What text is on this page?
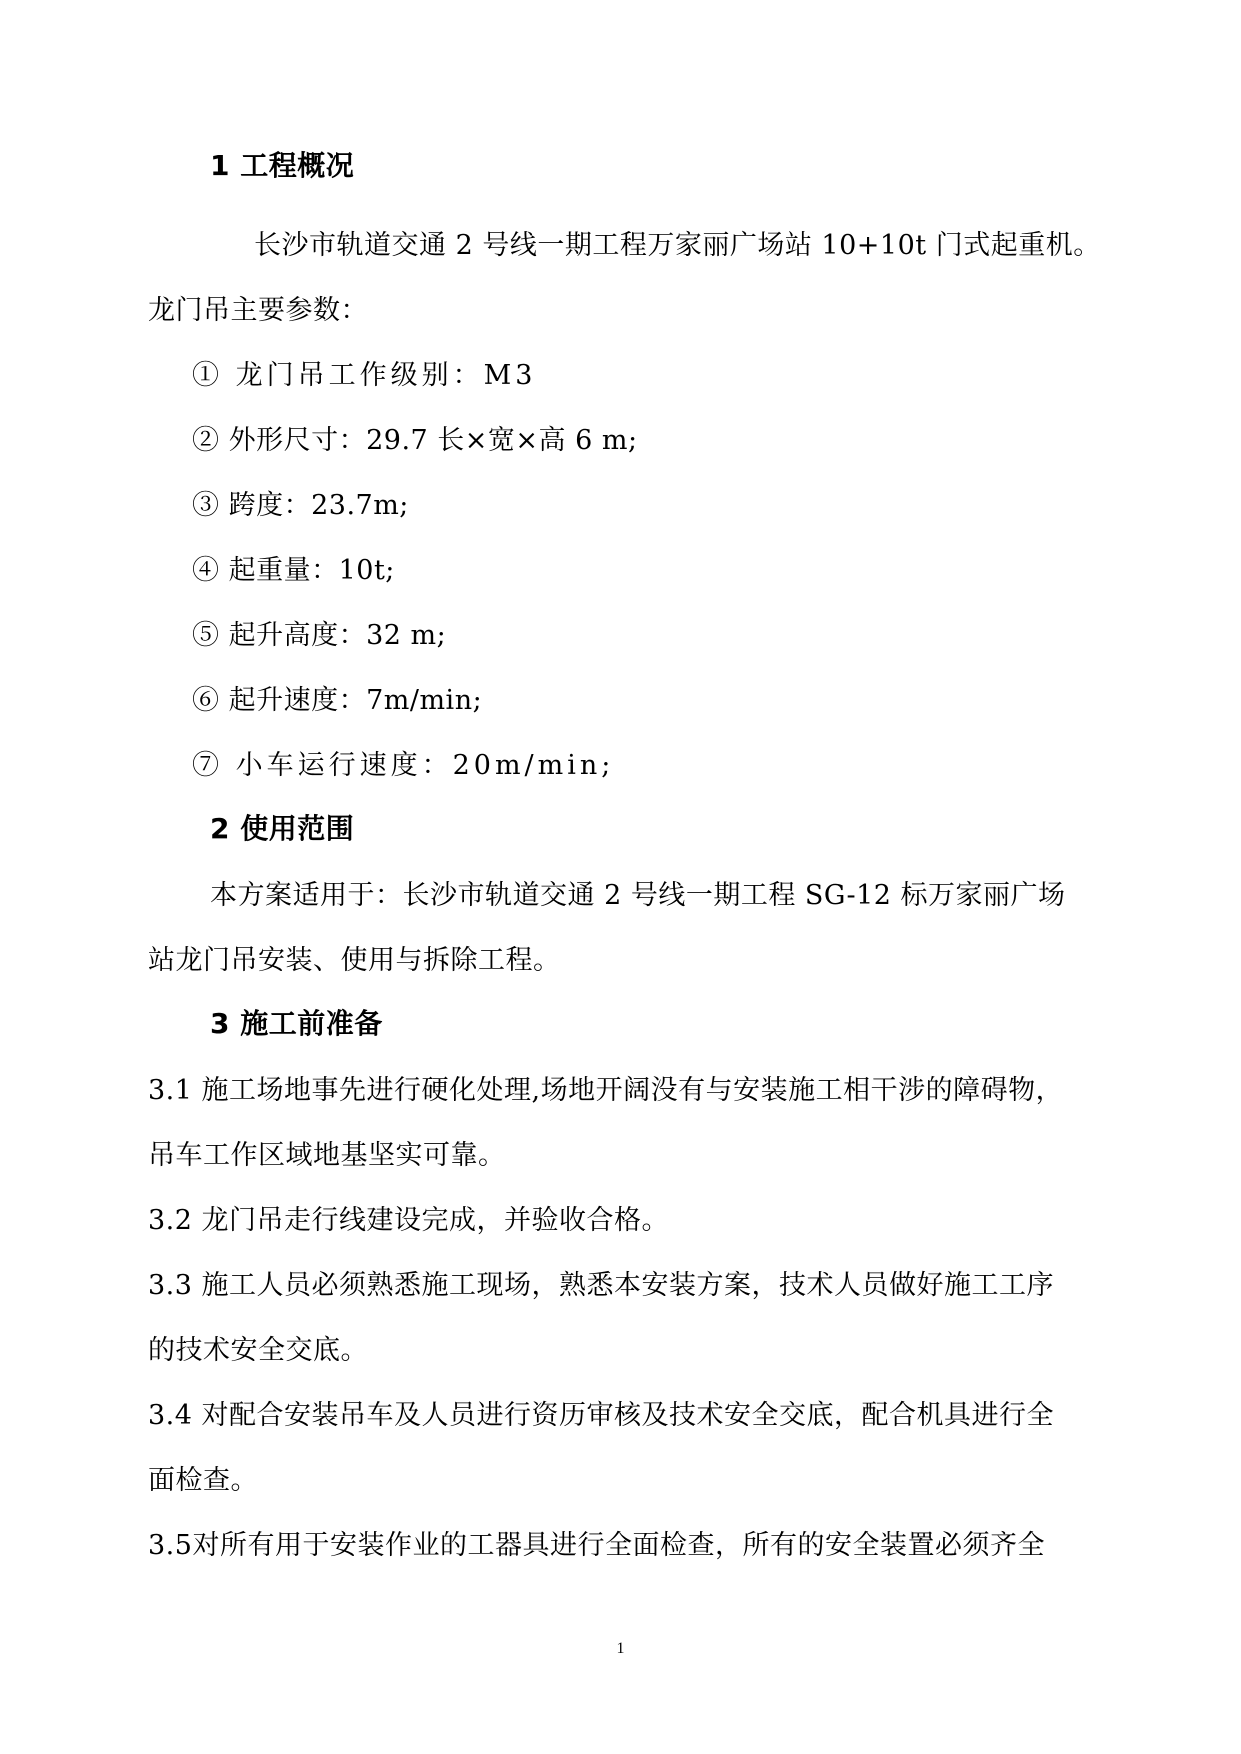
1 工程概况
长沙市轨道交通 2 号线一期工程万家丽广场站 10+10t 门式起重机。
龙门吊主要参数：
① 龙门吊工作级别：M3
② 外形尺寸：29.7 长×宽×高 6 m;
③ 跨度：23.7m;
④ 起重量：10t;
⑤ 起升高度：32 m;
⑥ 起升速度：7m/min;
⑦ 小车运行速度：20m/min;
2 使用范围
本方案适用于：长沙市轨道交通 2 号线一期工程 SG-12 标万家丽广场
站龙门吊安装、使用与拆除工程。
3 施工前准备
3.1 施工场地事先进行硬化处理,场地开阔没有与安装施工相干涉的障碍物，
吊车工作区域地基坚实可靠。
3.2 龙门吊走行线建设完成，并验收合格。
3.3 施工人员必须熟悉施工现场，熟悉本安装方案，技术人员做好施工工序
的技术安全交底。
3.4 对配合安装吊车及人员进行资历审核及技术安全交底，配合机具进行全
面检查。
3.5对所有用于安装作业的工器具进行全面检查，所有的安全装置必须齐全
1
